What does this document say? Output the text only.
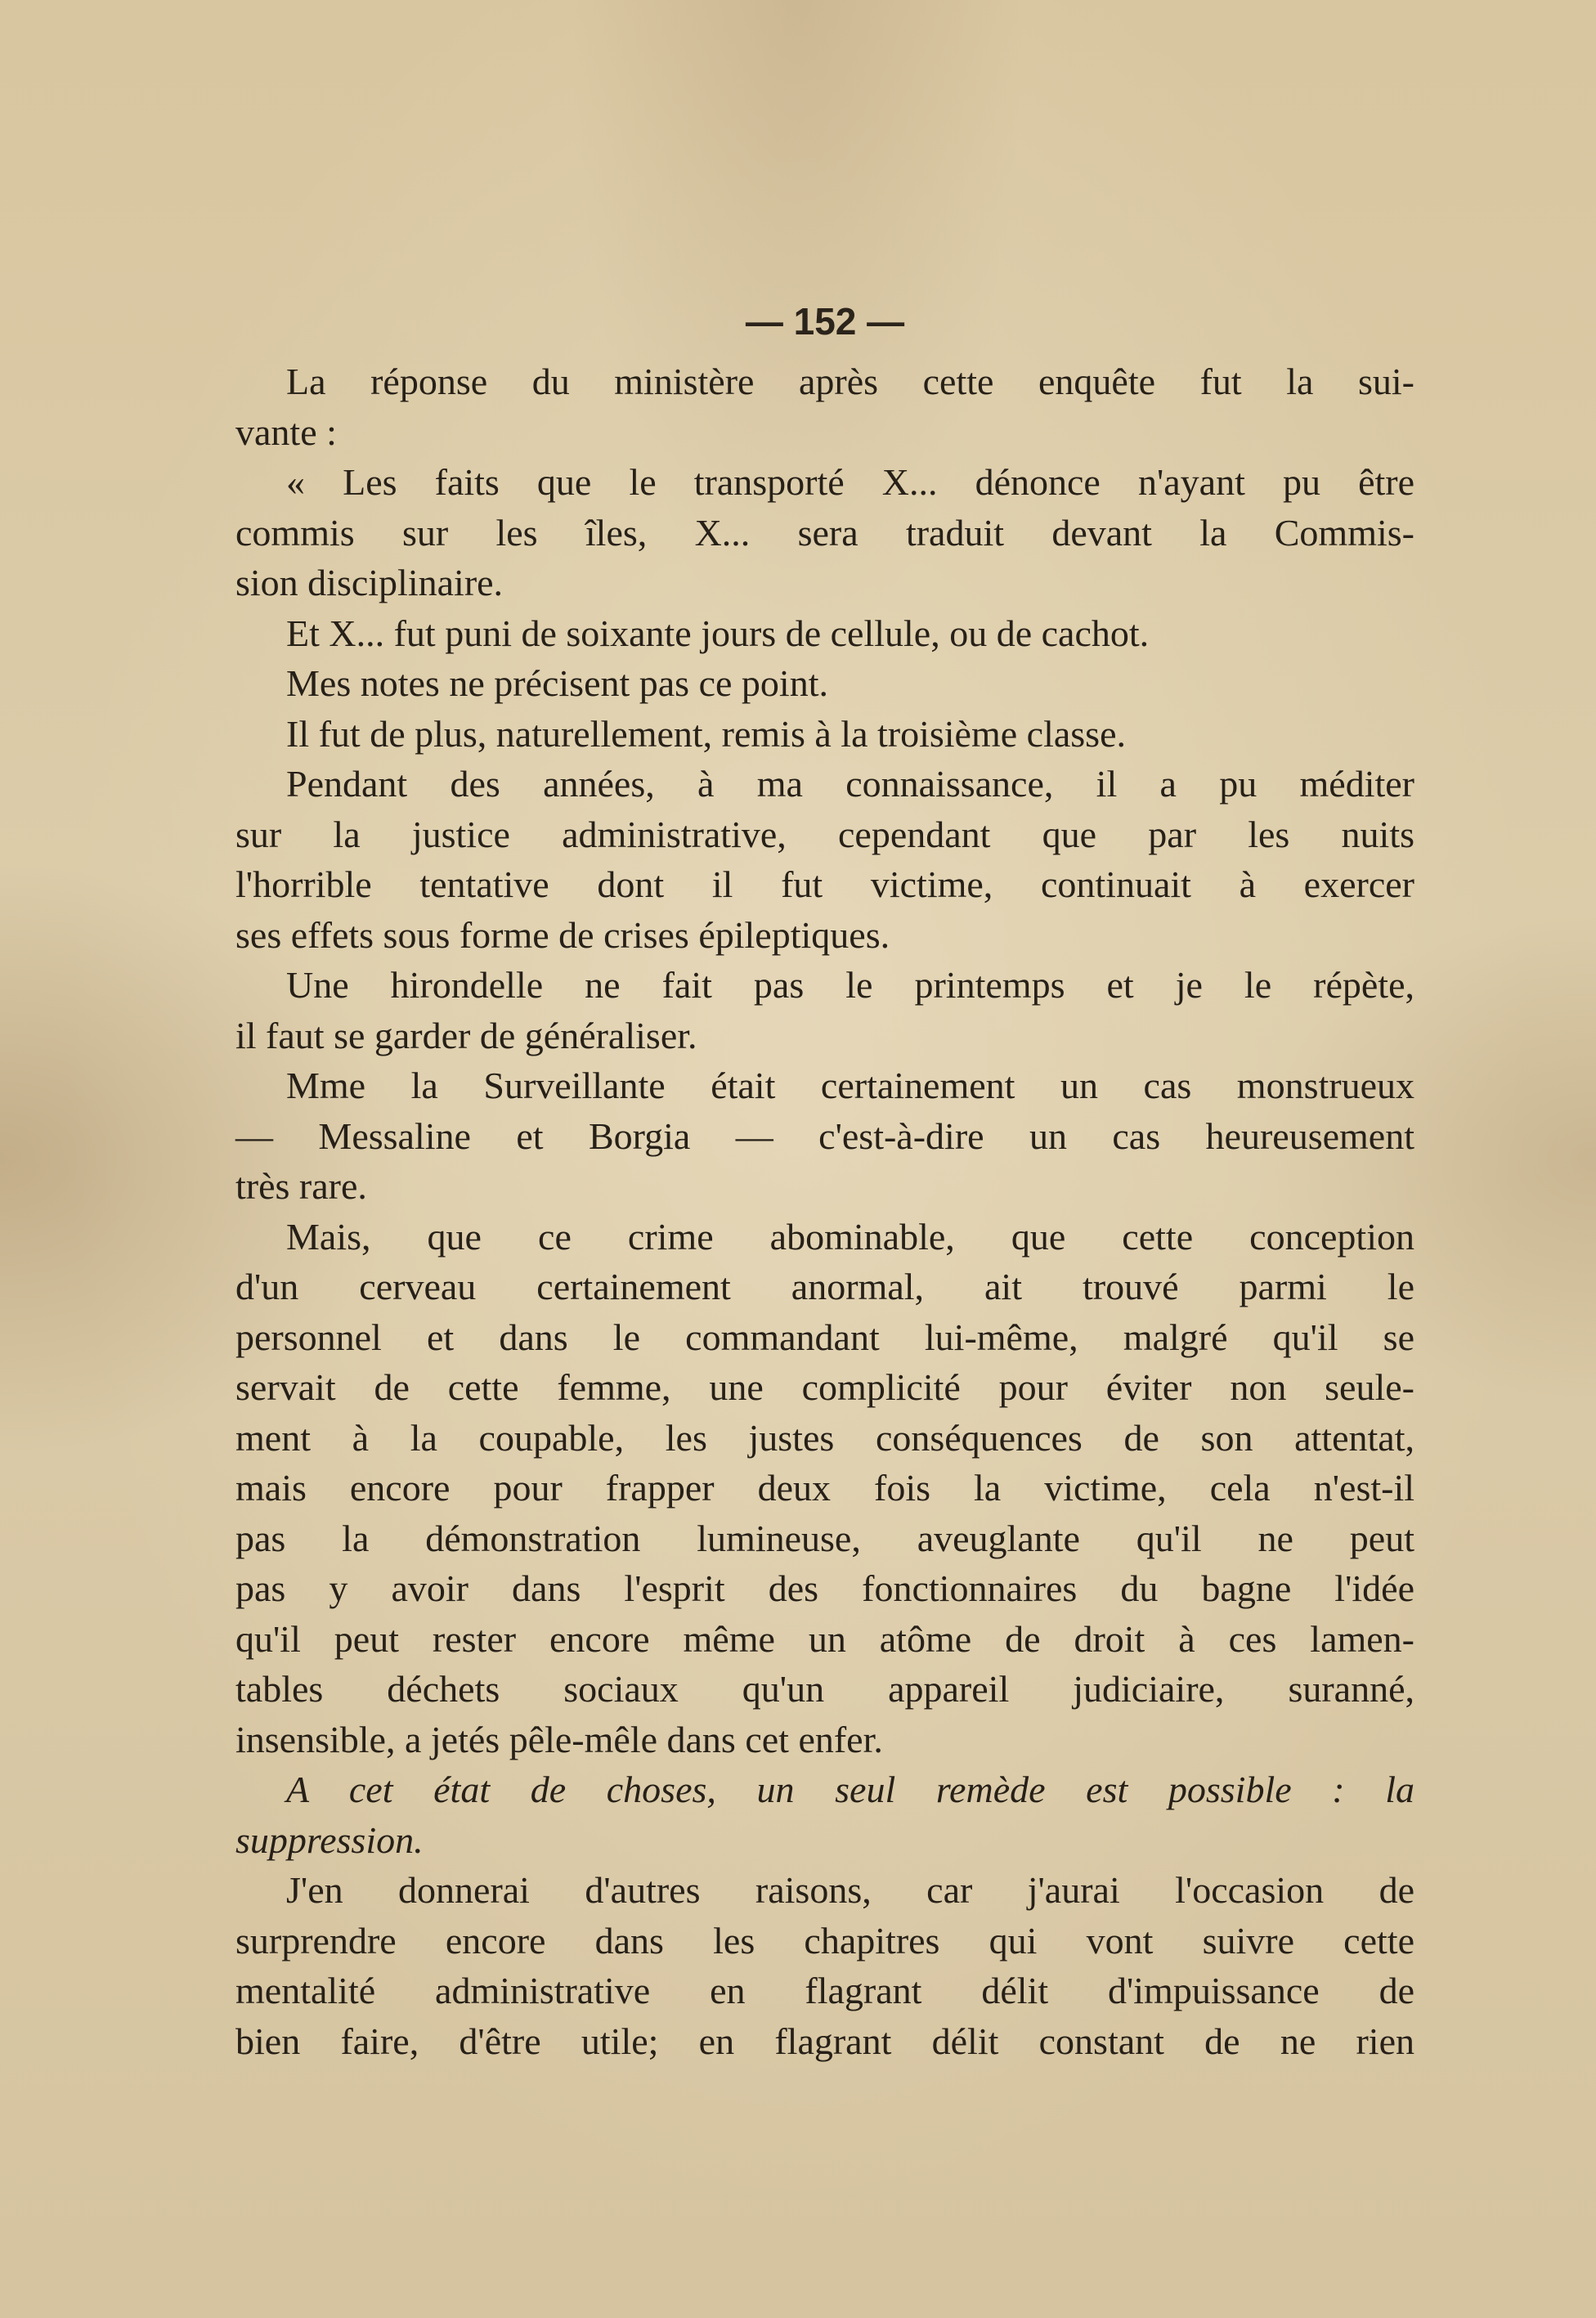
— 152 —
La réponse du ministère après cette enquête fut la sui-
vante :
« Les faits que le transporté X... dénonce n'ayant pu être
commis sur les îles, X... sera traduit devant la Commis-
sion disciplinaire.
Et X... fut puni de soixante jours de cellule, ou de cachot.
Mes notes ne précisent pas ce point.
Il fut de plus, naturellement, remis à la troisième classe.
Pendant des années, à ma connaissance, il a pu méditer
sur la justice administrative, cependant que par les nuits
l'horrible tentative dont il fut victime, continuait à exercer
ses effets sous forme de crises épileptiques.
Une hirondelle ne fait pas le printemps et je le répète,
il faut se garder de généraliser.
Mme la Surveillante était certainement un cas monstrueux
— Messaline et Borgia — c'est-à-dire un cas heureusement
très rare.
Mais, que ce crime abominable, que cette conception
d'un cerveau certainement anormal, ait trouvé parmi le
personnel et dans le commandant lui-même, malgré qu'il se
servait de cette femme, une complicité pour éviter non seule-
ment à la coupable, les justes conséquences de son attentat,
mais encore pour frapper deux fois la victime, cela n'est-il
pas la démonstration lumineuse, aveuglante qu'il ne peut
pas y avoir dans l'esprit des fonctionnaires du bagne l'idée
qu'il peut rester encore même un atôme de droit à ces lamen-
tables déchets sociaux qu'un appareil judiciaire, suranné,
insensible, a jetés pêle-mêle dans cet enfer.
A cet état de choses, un seul remède est possible : la
suppression.
J'en donnerai d'autres raisons, car j'aurai l'occasion de
surprendre encore dans les chapitres qui vont suivre cette
mentalité administrative en flagrant délit d'impuissance de
bien faire, d'être utile; en flagrant délit constant de ne rien
